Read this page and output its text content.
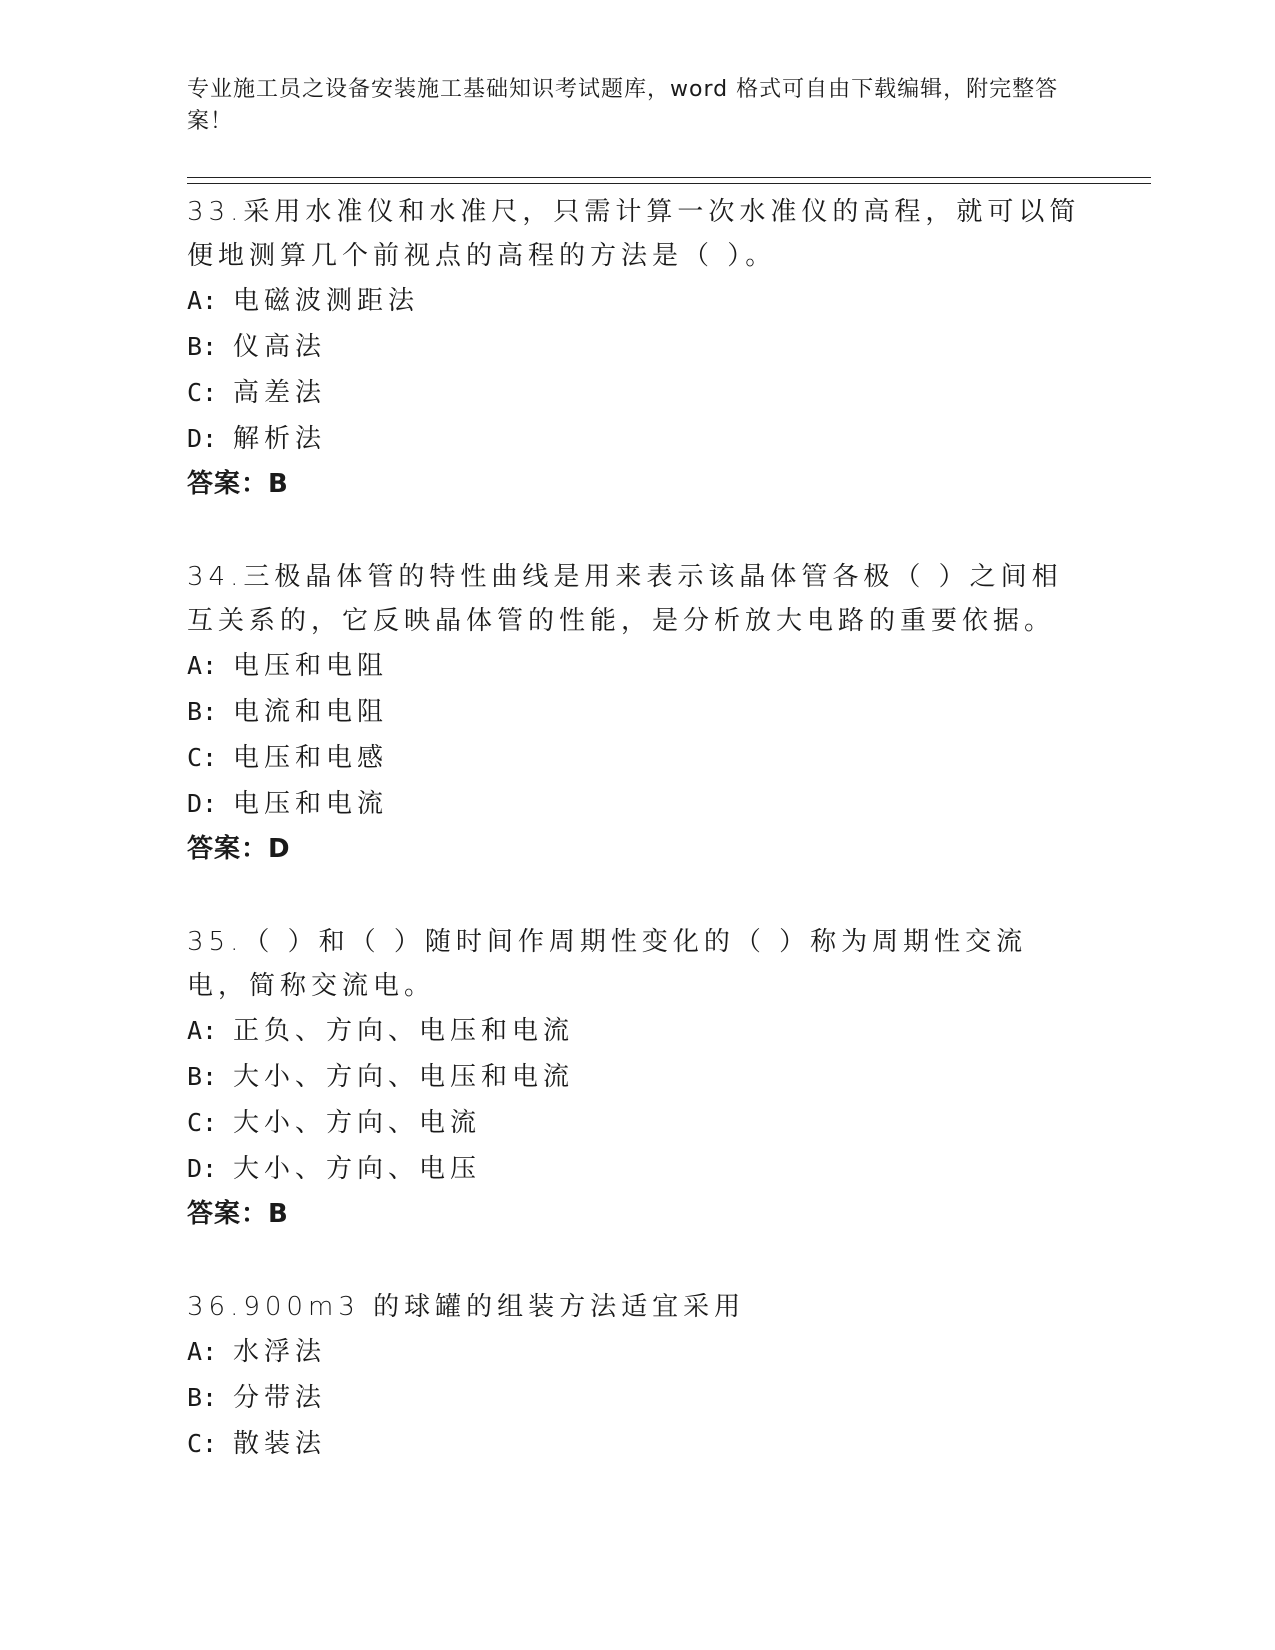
专业施工员之设备安装施工基础知识考试题库，word 格式可自由下载编辑，附完整答案！

33.采用水准仪和水准尺，只需计算一次水准仪的高程，就可以简便地测算几个前视点的高程的方法是（ ）。

A: 电磁波测距法
B: 仪高法
C: 高差法
D: 解析法

答案：B

34.三极晶体管的特性曲线是用来表示该晶体管各极（ ）之间相互关系的，它反映晶体管的性能，是分析放大电路的重要依据。

A: 电压和电阻
B: 电流和电阻
C: 电压和电感
D: 电压和电流

答案：D

35.（ ）和（ ）随时间作周期性变化的（ ）称为周期性交流电，简称交流电。

A: 正负、方向、电压和电流
B: 大小、方向、电压和电流
C: 大小、方向、电流
D: 大小、方向、电压

答案：B

36.900m3 的球罐的组装方法适宜采用

A: 水浮法
B: 分带法
C: 散装法
